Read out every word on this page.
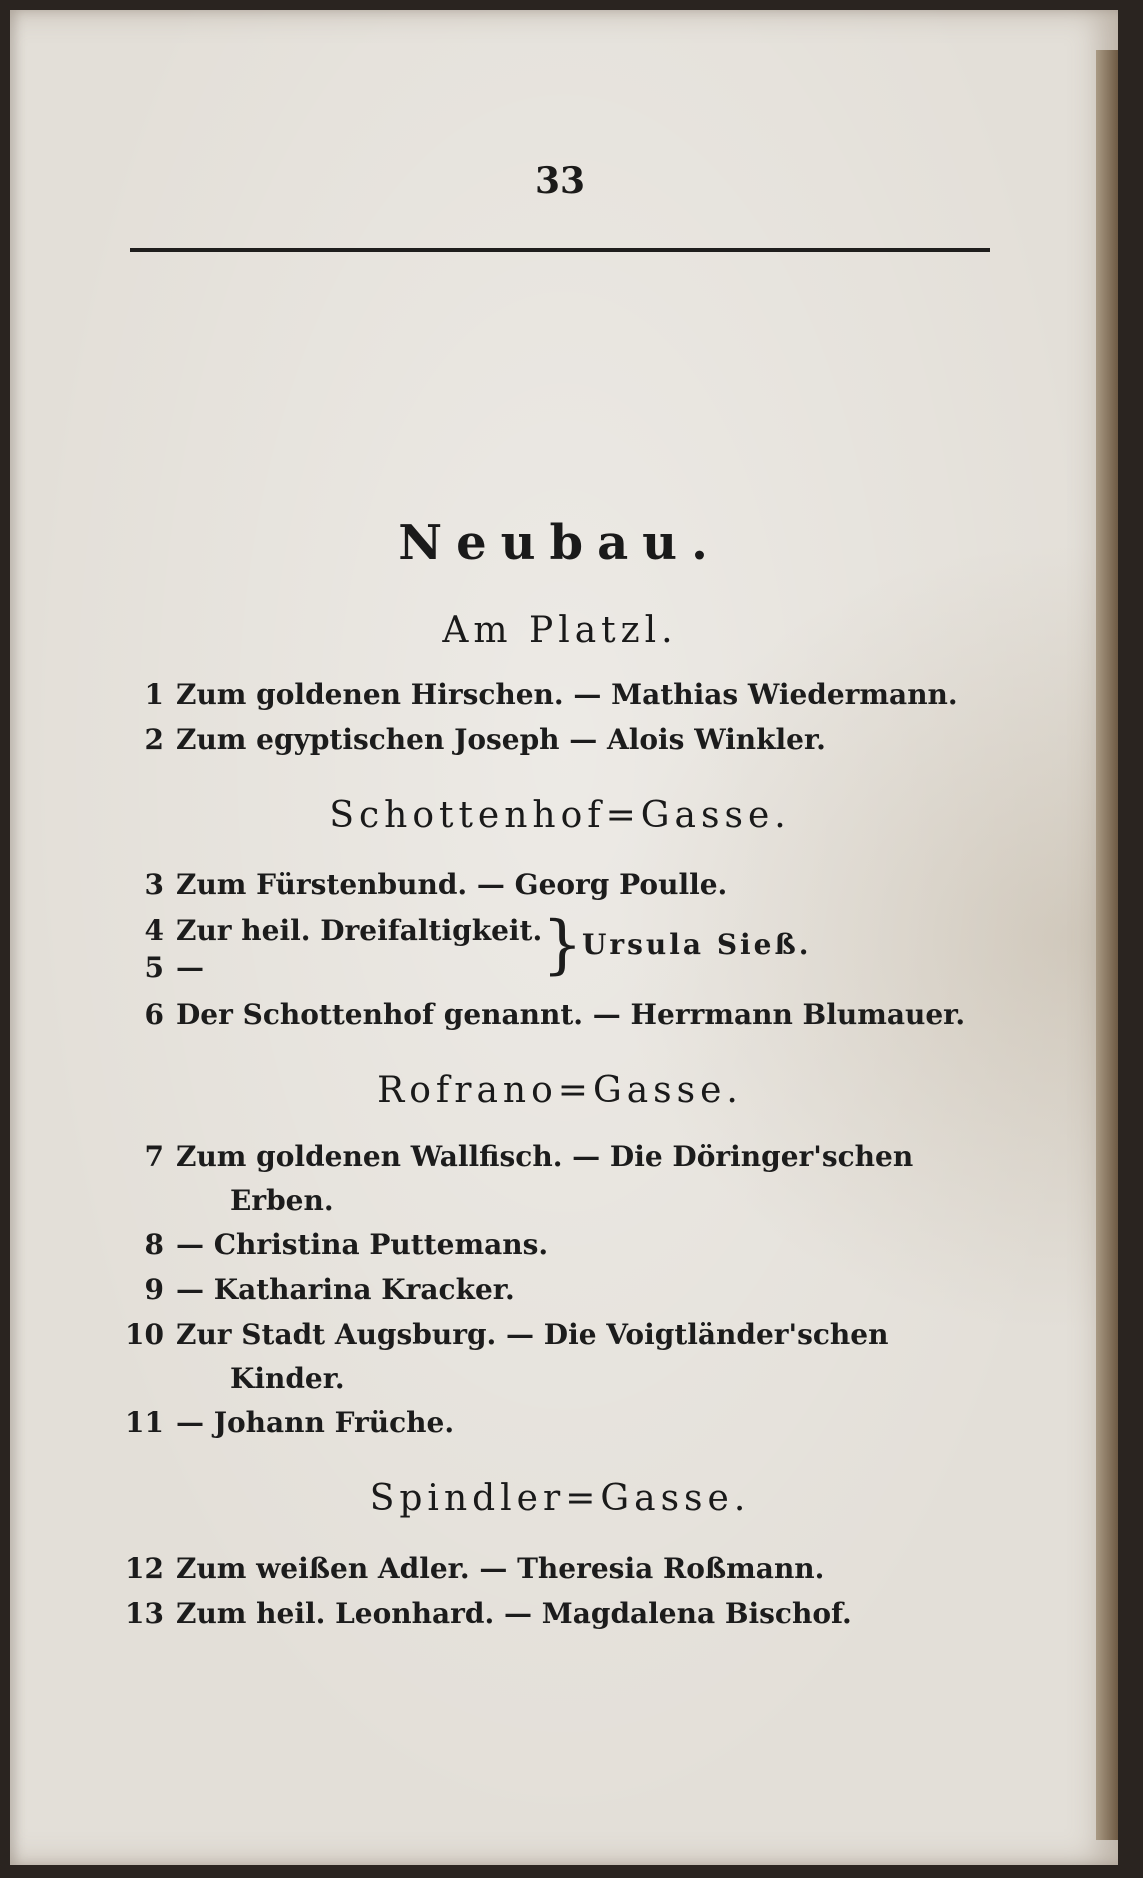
33
Neubau.
Am Platzl.
1 Zum goldenen Hirschen. — Mathias Wiedermann.
2 Zum egyptischen Joseph — Alois Winkler.
Schottenhof=Gasse.
3 Zum Fürstenbund. — Georg Poulle.
4 Zur heil. Dreifaltigkeit.
5 —	} Ursula Sieß.
6 Der Schottenhof genannt. — Herrmann Blumauer.
Rofrano=Gasse.
7 Zum goldenen Wallfisch. — Die Döringer'schen
Erben.
8 — Christina Puttemans.
9 — Katharina Kracker.
10 Zur Stadt Augsburg. — Die Voigtländer'schen
Kinder.
11 — Johann Früche.
Spindler=Gasse.
12 Zum weißen Adler. — Theresia Roßmann.
13 Zum heil. Leonhard. — Magdalena Bischof.
